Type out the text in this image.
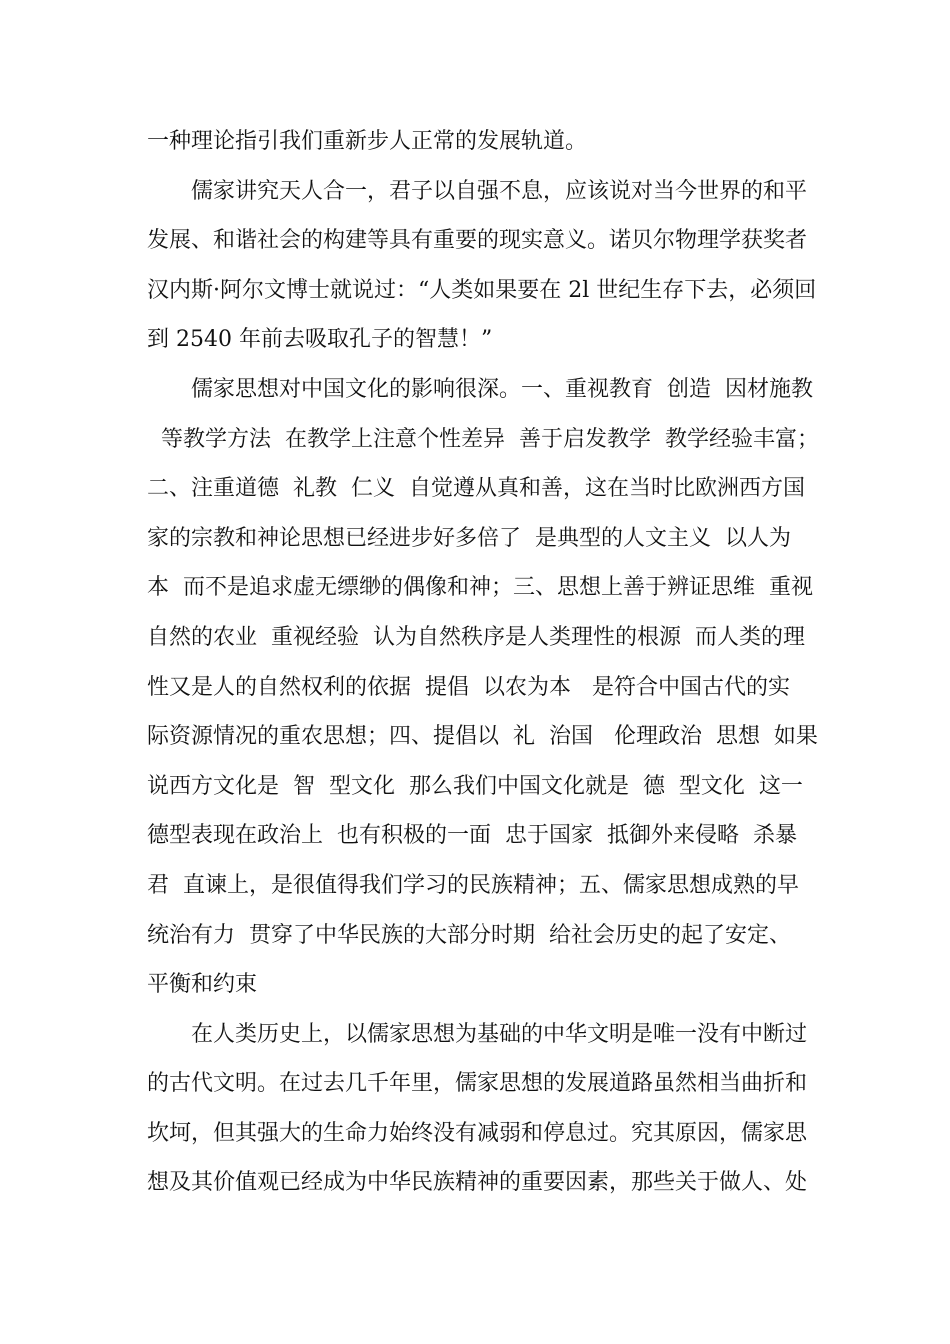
一种理论指引我们重新步人正常的发展轨道。
　　儒家讲究天人合一，君子以自强不息，应该说对当今世界的和平
发展、和谐社会的构建等具有重要的现实意义。诺贝尔物理学获奖者
汉内斯·阿尔文博士就说过：“人类如果要在 2l 世纪生存下去，必须回
到 2540 年前去吸取孔子的智慧！”
　　儒家思想对中国文化的影响很深。一、重视教育  创造  因材施教
等教学方法  在教学上注意个性差异  善于启发教学  教学经验丰富；
二、注重道德  礼教  仁义  自觉遵从真和善，这在当时比欧洲西方国
家的宗教和神论思想已经进步好多倍了  是典型的人文主义  以人为
本  而不是追求虚无缥缈的偶像和神；三、思想上善于辨证思维  重视
自然的农业  重视经验  认为自然秩序是人类理性的根源  而人类的理
性又是人的自然权利的依据  提倡  以农为本   是符合中国古代的实
际资源情况的重农思想；四、提倡以  礼  治国   伦理政治  思想  如果
说西方文化是  智  型文化  那么我们中国文化就是  德  型文化  这一
德型表现在政治上  也有积极的一面  忠于国家  抵御外来侵略  杀暴
君  直谏上，是很值得我们学习的民族精神；五、儒家思想成熟的早
统治有力  贯穿了中华民族的大部分时期  给社会历史的起了安定、
平衡和约束
　　在人类历史上，以儒家思想为基础的中华文明是唯一没有中断过
的古代文明。在过去几千年里，儒家思想的发展道路虽然相当曲折和
坎坷，但其强大的生命力始终没有减弱和停息过。究其原因，儒家思
想及其价值观已经成为中华民族精神的重要因素，那些关于做人、处
